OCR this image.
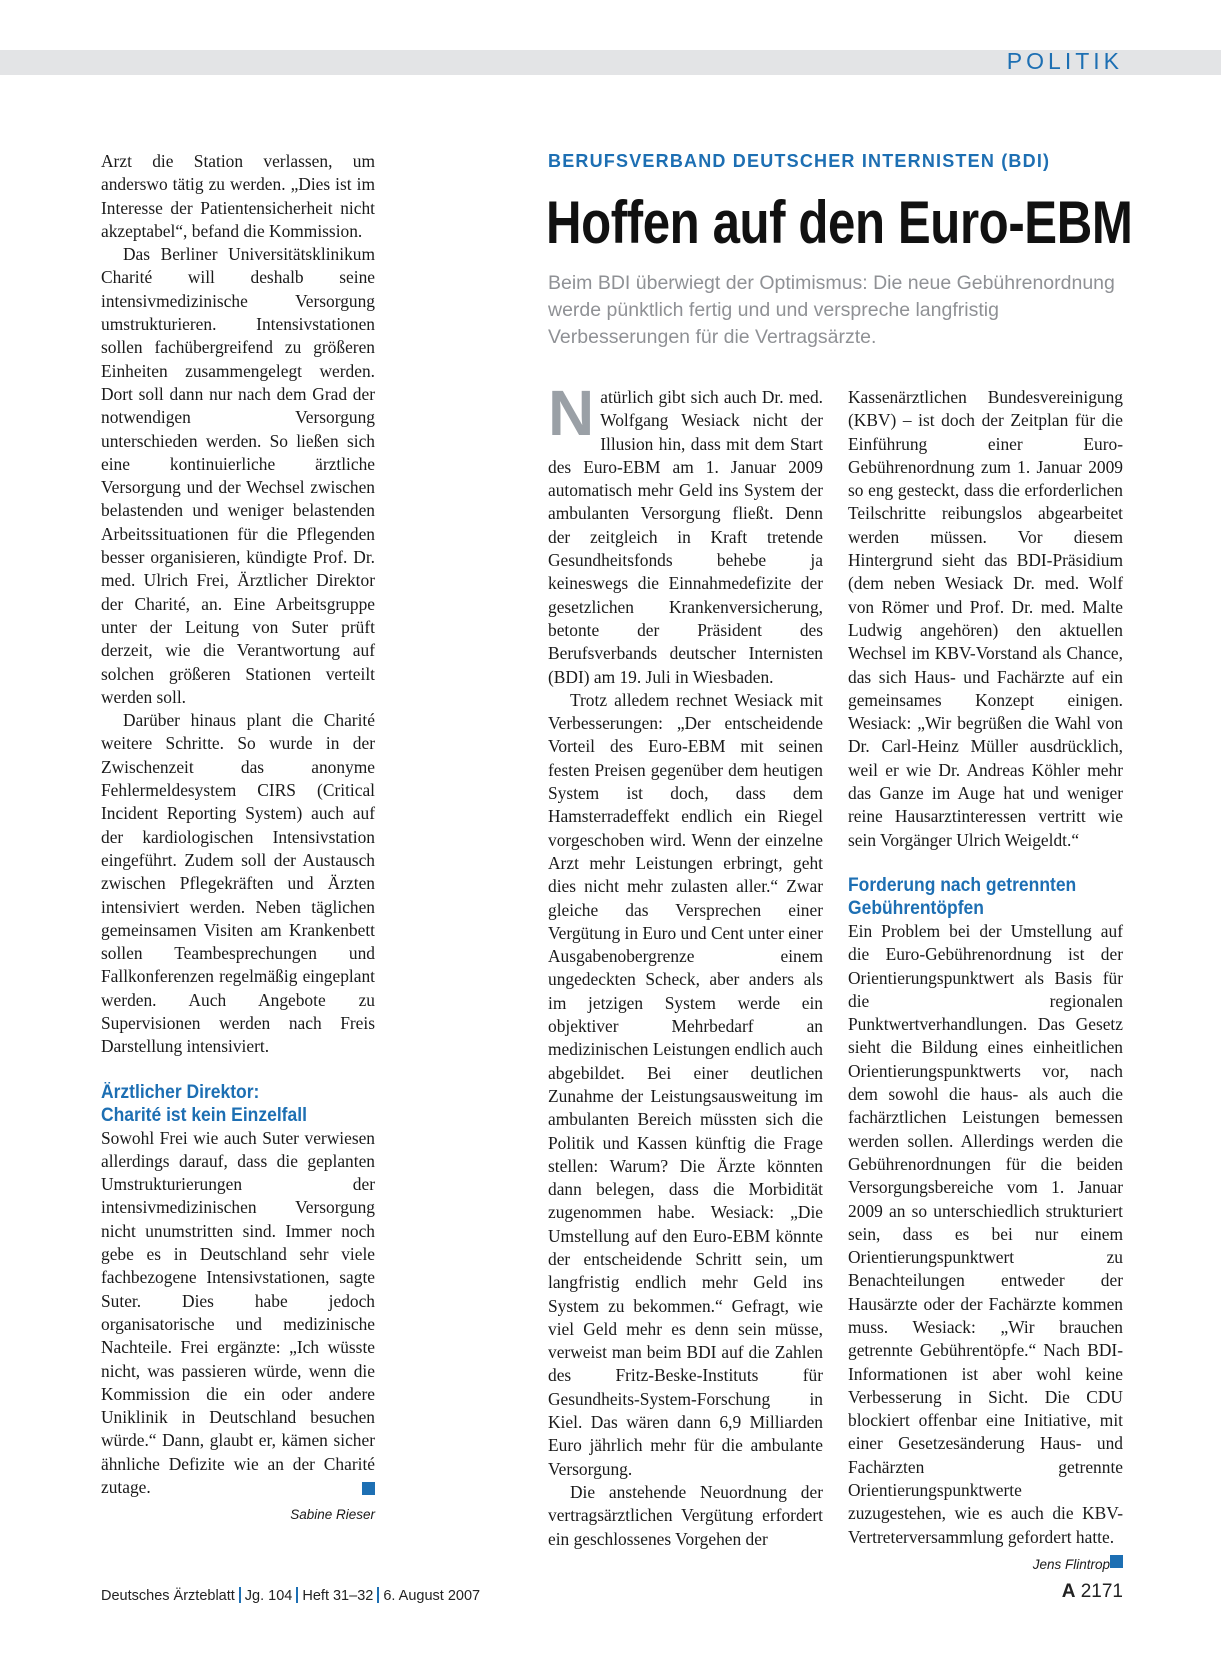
POLITIK

Arzt die Station verlassen, um anderswo tätig zu werden. „Dies ist im Interesse der Patientensicherheit nicht akzeptabel“, befand die Kommission.

Das Berliner Universitätsklinikum Charité will deshalb seine intensivmedizinische Versorgung umstrukturieren. Intensivstationen sollen fachübergreifend zu größeren Einheiten zusammengelegt werden. Dort soll dann nur nach dem Grad der notwendigen Versorgung unterschieden werden. So ließen sich eine kontinuierliche ärztliche Versorgung und der Wechsel zwischen belastenden und weniger belastenden Arbeitssituationen für die Pflegenden besser organisieren, kündigte Prof. Dr. med. Ulrich Frei, Ärztlicher Direktor der Charité, an. Eine Arbeitsgruppe unter der Leitung von Suter prüft derzeit, wie die Verantwortung auf solchen größeren Stationen verteilt werden soll.

Darüber hinaus plant die Charité weitere Schritte. So wurde in der Zwischenzeit das anonyme Fehlermeldesystem CIRS (Critical Incident Reporting System) auch auf der kardiologischen Intensivstation eingeführt. Zudem soll der Austausch zwischen Pflegekräften und Ärzten intensiviert werden. Neben täglichen gemeinsamen Visiten am Krankenbett sollen Teambesprechungen und Fallkonferenzen regelmäßig eingeplant werden. Auch Angebote zu Supervisionen werden nach Freis Darstellung intensiviert.

Ärztlicher Direktor:
Charité ist kein Einzelfall

Sowohl Frei wie auch Suter verwiesen allerdings darauf, dass die geplanten Umstrukturierungen der intensivmedizinischen Versorgung nicht unumstritten sind. Immer noch gebe es in Deutschland sehr viele fachbezogene Intensivstationen, sagte Suter. Dies habe jedoch organisatorische und medizinische Nachteile. Frei ergänzte: „Ich wüsste nicht, was passieren würde, wenn die Kommission die ein oder andere Uniklinik in Deutschland besuchen würde.“ Dann, glaubt er, kämen sicher ähnliche Defizite wie an der Charité zutage.

Sabine Rieser
BERUFSVERBAND DEUTSCHER INTERNISTEN (BDI)
Hoffen auf den Euro-EBM
Beim BDI überwiegt der Optimismus: Die neue Gebührenordnung werde pünktlich fertig und und verspreche langfristig Verbesserungen für die Vertragsärzte.

Natürlich gibt sich auch Dr. med. Wolfgang Wesiack nicht der Illusion hin, dass mit dem Start des Euro-EBM am 1. Januar 2009 automatisch mehr Geld ins System der ambulanten Versorgung fließt. Denn der zeitgleich in Kraft tretende Gesundheitsfonds behebe ja keineswegs die Einnahmedefizite der gesetzlichen Krankenversicherung, betonte der Präsident des Berufsverbands deutscher Internisten (BDI) am 19. Juli in Wiesbaden.

Trotz alledem rechnet Wesiack mit Verbesserungen: „Der entscheidende Vorteil des Euro-EBM mit seinen festen Preisen gegenüber dem heutigen System ist doch, dass dem Hamsterradeffekt endlich ein Riegel vorgeschoben wird. Wenn der einzelne Arzt mehr Leistungen erbringt, geht dies nicht mehr zulasten aller.“ Zwar gleiche das Versprechen einer Vergütung in Euro und Cent unter einer Ausgabenobergrenze einem ungedeckten Scheck, aber anders als im jetzigen System werde ein objektiver Mehrbedarf an medizinischen Leistungen endlich auch abgebildet. Bei einer deutlichen Zunahme der Leistungsausweitung im ambulanten Bereich müssten sich die Politik und Kassen künftig die Frage stellen: Warum? Die Ärzte könnten dann belegen, dass die Morbidität zugenommen habe. Wesiack: „Die Umstellung auf den Euro-EBM könnte der entscheidende Schritt sein, um langfristig endlich mehr Geld ins System zu bekommen.“ Gefragt, wie viel Geld mehr es denn sein müsse, verweist man beim BDI auf die Zahlen des Fritz-Beske-Instituts für Gesundheits-System-Forschung in Kiel. Das wären dann 6,9 Milliarden Euro jährlich mehr für die ambulante Versorgung.

Die anstehende Neuordnung der vertragsärztlichen Vergütung erfordert ein geschlossenes Vorgehen der

Kassenärztlichen Bundesvereinigung (KBV) – ist doch der Zeitplan für die Einführung einer Euro-Gebührenordnung zum 1. Januar 2009 so eng gesteckt, dass die erforderlichen Teilschritte reibungslos abgearbeitet werden müssen. Vor diesem Hintergrund sieht das BDI-Präsidium (dem neben Wesiack Dr. med. Wolf von Römer und Prof. Dr. med. Malte Ludwig angehören) den aktuellen Wechsel im KBV-Vorstand als Chance, das sich Haus- und Fachärzte auf ein gemeinsames Konzept einigen. Wesiack: „Wir begrüßen die Wahl von Dr. Carl-Heinz Müller ausdrücklich, weil er wie Dr. Andreas Köhler mehr das Ganze im Auge hat und weniger reine Hausarztinteressen vertritt wie sein Vorgänger Ulrich Weigeldt.“

Forderung nach getrennten
Gebührentöpfen

Ein Problem bei der Umstellung auf die Euro-Gebührenordnung ist der Orientierungspunktwert als Basis für die regionalen Punktwertverhandlungen. Das Gesetz sieht die Bildung eines einheitlichen Orientierungspunktwerts vor, nach dem sowohl die haus- als auch die fachärztlichen Leistungen bemessen werden sollen. Allerdings werden die Gebührenordnungen für die beiden Versorgungsbereiche vom 1. Januar 2009 an so unterschiedlich strukturiert sein, dass es bei nur einem Orientierungspunktwert zu Benachteilungen entweder der Hausärzte oder der Fachärzte kommen muss. Wesiack: „Wir brauchen getrennte Gebührentöpfe.“ Nach BDI-Informationen ist aber wohl keine Verbesserung in Sicht. Die CDU blockiert offenbar eine Initiative, mit einer Gesetzesänderung Haus- und Fachärzten getrennte Orientierungspunktwerte zuzugestehen, wie es auch die KBV-Vertreterversammlung gefordert hatte.

Jens Flintrop
Deutsches Ärzteblatt Jg. 104 Heft 31–32 6. August 2007	A 2171
